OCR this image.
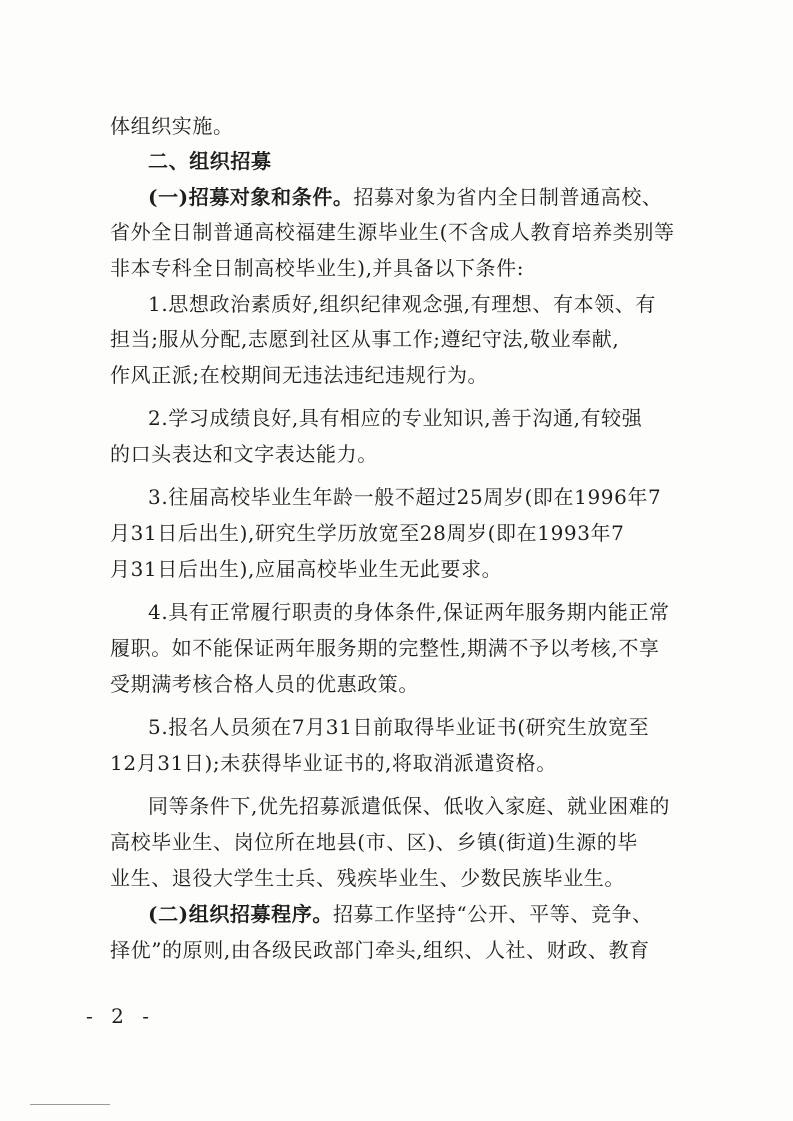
体组织实施。
二、组织招募
(一)招募对象和条件。招募对象为省内全日制普通高校、
省外全日制普通高校福建生源毕业生(不含成人教育培养类别等
非本专科全日制高校毕业生),并具备以下条件:
1.思想政治素质好,组织纪律观念强,有理想、有本领、有
担当;服从分配,志愿到社区从事工作;遵纪守法,敬业奉献,
作风正派;在校期间无违法违纪违规行为。
2.学习成绩良好,具有相应的专业知识,善于沟通,有较强
的口头表达和文字表达能力。
3.往届高校毕业生年龄一般不超过25周岁(即在1996年7
月31日后出生),研究生学历放宽至28周岁(即在1993年7
月31日后出生),应届高校毕业生无此要求。
4.具有正常履行职责的身体条件,保证两年服务期内能正常
履职。如不能保证两年服务期的完整性,期满不予以考核,不享
受期满考核合格人员的优惠政策。
5.报名人员须在7月31日前取得毕业证书(研究生放宽至
12月31日);未获得毕业证书的,将取消派遣资格。
同等条件下,优先招募派遣低保、低收入家庭、就业困难的
高校毕业生、岗位所在地县(市、区)、乡镇(街道)生源的毕
业生、退役大学生士兵、残疾毕业生、少数民族毕业生。
(二)组织招募程序。招募工作坚持“公开、平等、竞争、
择优”的原则,由各级民政部门牵头,组织、人社、财政、教育
- 2 -
